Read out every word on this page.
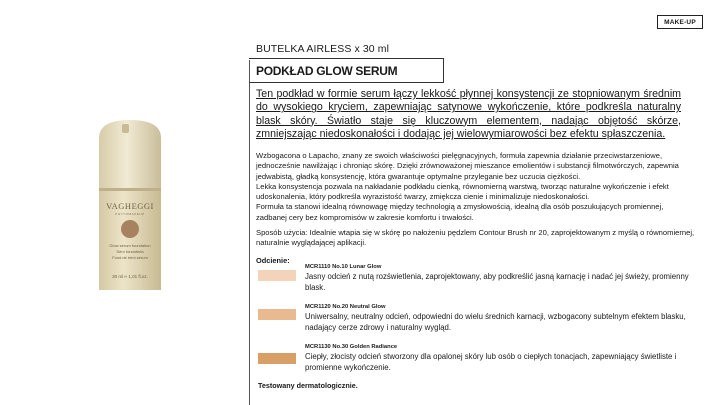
MAKE-UP
VAGHEGGI
PHYTOMAKEUP
Glow serum foundation
Sèro fondotinta
Fond de teint sérum
30 ml ℮ 1,01 fl.oz.
BUTELKA AIRLESS x 30 ml
PODKŁAD GLOW SERUM

Ten podkład w formie serum łączy lekkość płynnej konsystencji ze stopniowanym średnim do wysokiego kryciem, zapewniając satynowe wykończenie, które podkreśla naturalny blask skóry. Światło staje się kluczowym elementem, nadając objętość skórze, zmniejszając niedoskonałości i dodając jej wielowymiarowości bez efektu spłaszczenia.

Wzbogacona o Lapacho, znany ze swoich właściwości pielęgnacyjnych, formuła zapewnia działanie przeciwstarzeniowe, jednocześnie nawilżając i chroniąc skórę. Dzięki zrównoważonej mieszance emolientów i substancji filmotwórczych, zapewnia jedwabistą, gładką konsystencję, która gwarantuje optymalne przyleganie bez uczucia ciężkości.
Lekka konsystencja pozwala na nakładanie podkładu cienką, równomierną warstwą, tworząc naturalne wykończenie i efekt udoskonalenia, który podkreśla wyrazistość twarzy, zmiękcza cienie i minimalizuje niedoskonałości.
Formuła ta stanowi idealną równowagę między technologią a zmysłowością, idealną dla osób poszukujących promiennej, zadbanej cery bez kompromisów w zakresie komfortu i trwałości.

Sposób użycia: Idealnie wtapia się w skórę po nałożeniu pędzlem Contour Brush nr 20, zaprojektowanym z myślą o równomiernej, naturalnie wyglądającej aplikacji.

Odcienie:
MCR1110 No.10 Lunar Glow
Jasny odcień z nutą rozświetlenia, zaprojektowany, aby podkreślić jasną karnację i nadać jej świeży, promienny blask.
MCR1120 No.20 Neutral Glow
Uniwersalny, neutralny odcień, odpowiedni do wielu średnich karnacji, wzbogacony subtelnym efektem blasku, nadający cerze zdrowy i naturalny wygląd.
MCR1130 No.30 Golden Radiance
Ciepły, złocisty odcień stworzony dla opalonej skóry lub osób o ciepłych tonacjach, zapewniający świetliste i promienne wykończenie.
Testowany dermatologicznie.
